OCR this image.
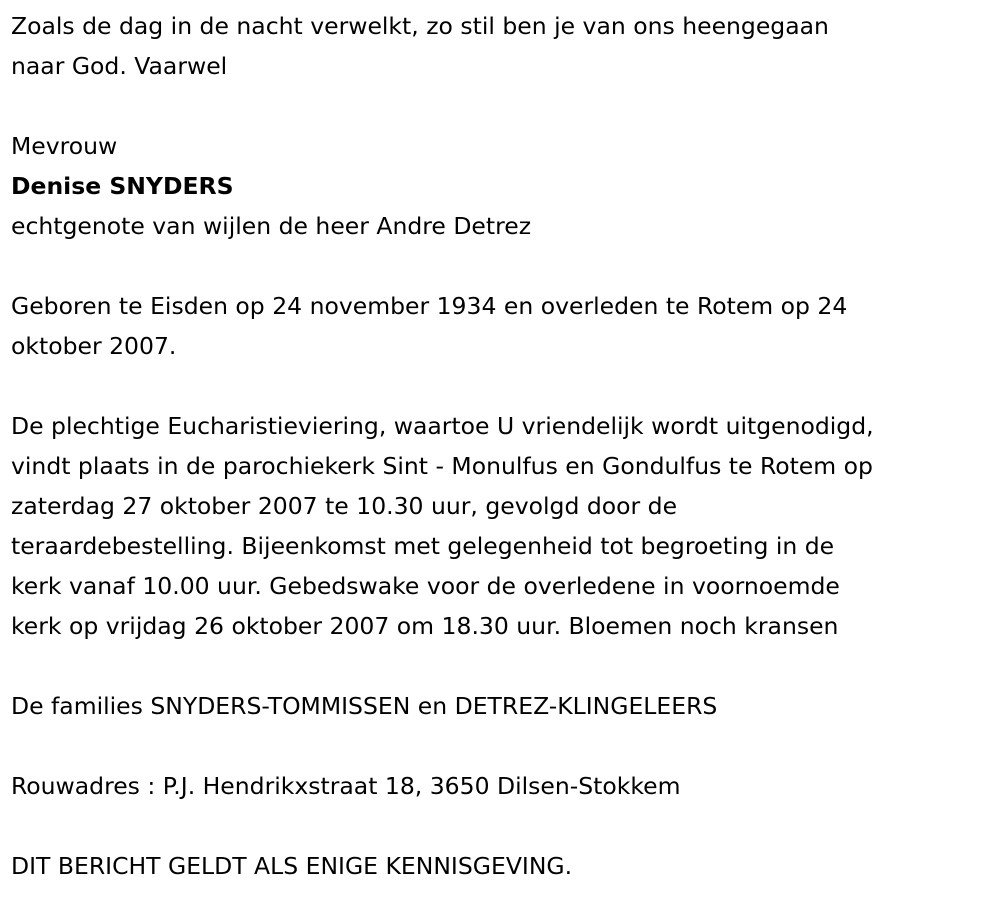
Zoals de dag in de nacht verwelkt, zo stil ben je van ons heengegaan
naar God. Vaarwel
Mevrouw
Denise SNYDERS
echtgenote van wijlen de heer Andre Detrez
Geboren te Eisden op 24 november 1934 en overleden te Rotem op 24
oktober 2007.
De plechtige Eucharistieviering, waartoe U vriendelijk wordt uitgenodigd,
vindt plaats in de parochiekerk Sint - Monulfus en Gondulfus te Rotem op
zaterdag 27 oktober 2007 te 10.30 uur, gevolgd door de
teraardebestelling. Bijeenkomst met gelegenheid tot begroeting in de
kerk vanaf 10.00 uur. Gebedswake voor de overledene in voornoemde
kerk op vrijdag 26 oktober 2007 om 18.30 uur. Bloemen noch kransen
De families SNYDERS-TOMMISSEN en DETREZ-KLINGELEERS
Rouwadres : P.J. Hendrikxstraat 18, 3650 Dilsen-Stokkem
DIT BERICHT GELDT ALS ENIGE KENNISGEVING.
